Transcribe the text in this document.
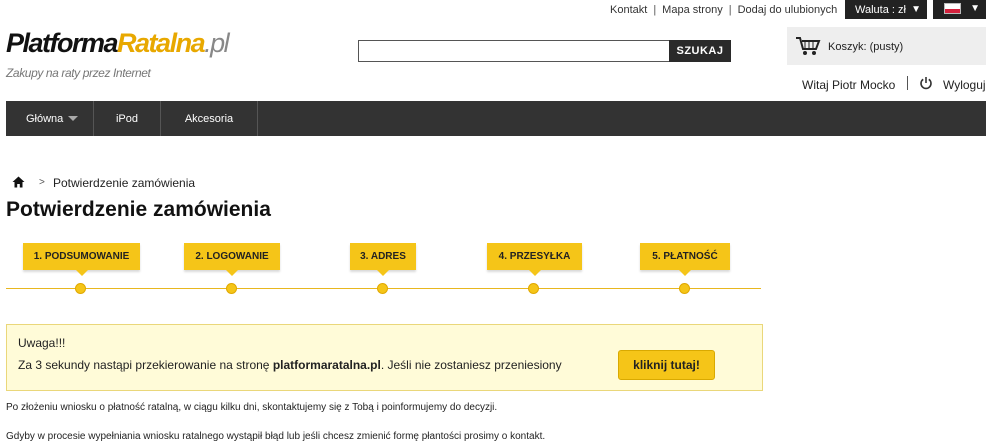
Kontakt | Mapa strony | Dodaj do ulubionych	Waluta : zł ▼	▼
PlatformaRatalna.pl
Zakupy na raty przez Internet
SZUKAJ	Koszyk: (pusty)
Witaj Piotr Mocko	Wyloguj
Główna	iPod	Akcesoria
> Potwierdzenie zamówienia
Potwierdzenie zamówienia
1. PODSUMOWANIE	2. LOGOWANIE	3. ADRES	4. PRZESYŁKA	5. PŁATNOŚĆ
Uwaga!!!
Za 3 sekundy nastąpi przekierowanie na stronę platformaratalna.pl. Jeśli nie zostaniesz przeniesiony	kliknij tutaj!

Po złożeniu wniosku o płatność ratalną, w ciągu kilku dni, skontaktujemy się z Tobą i poinformujemy do decyzji.

Gdyby w procesie wypełniania wniosku ratalnego wystąpił błąd lub jeśli chcesz zmienić formę płantości prosimy o kontakt.
